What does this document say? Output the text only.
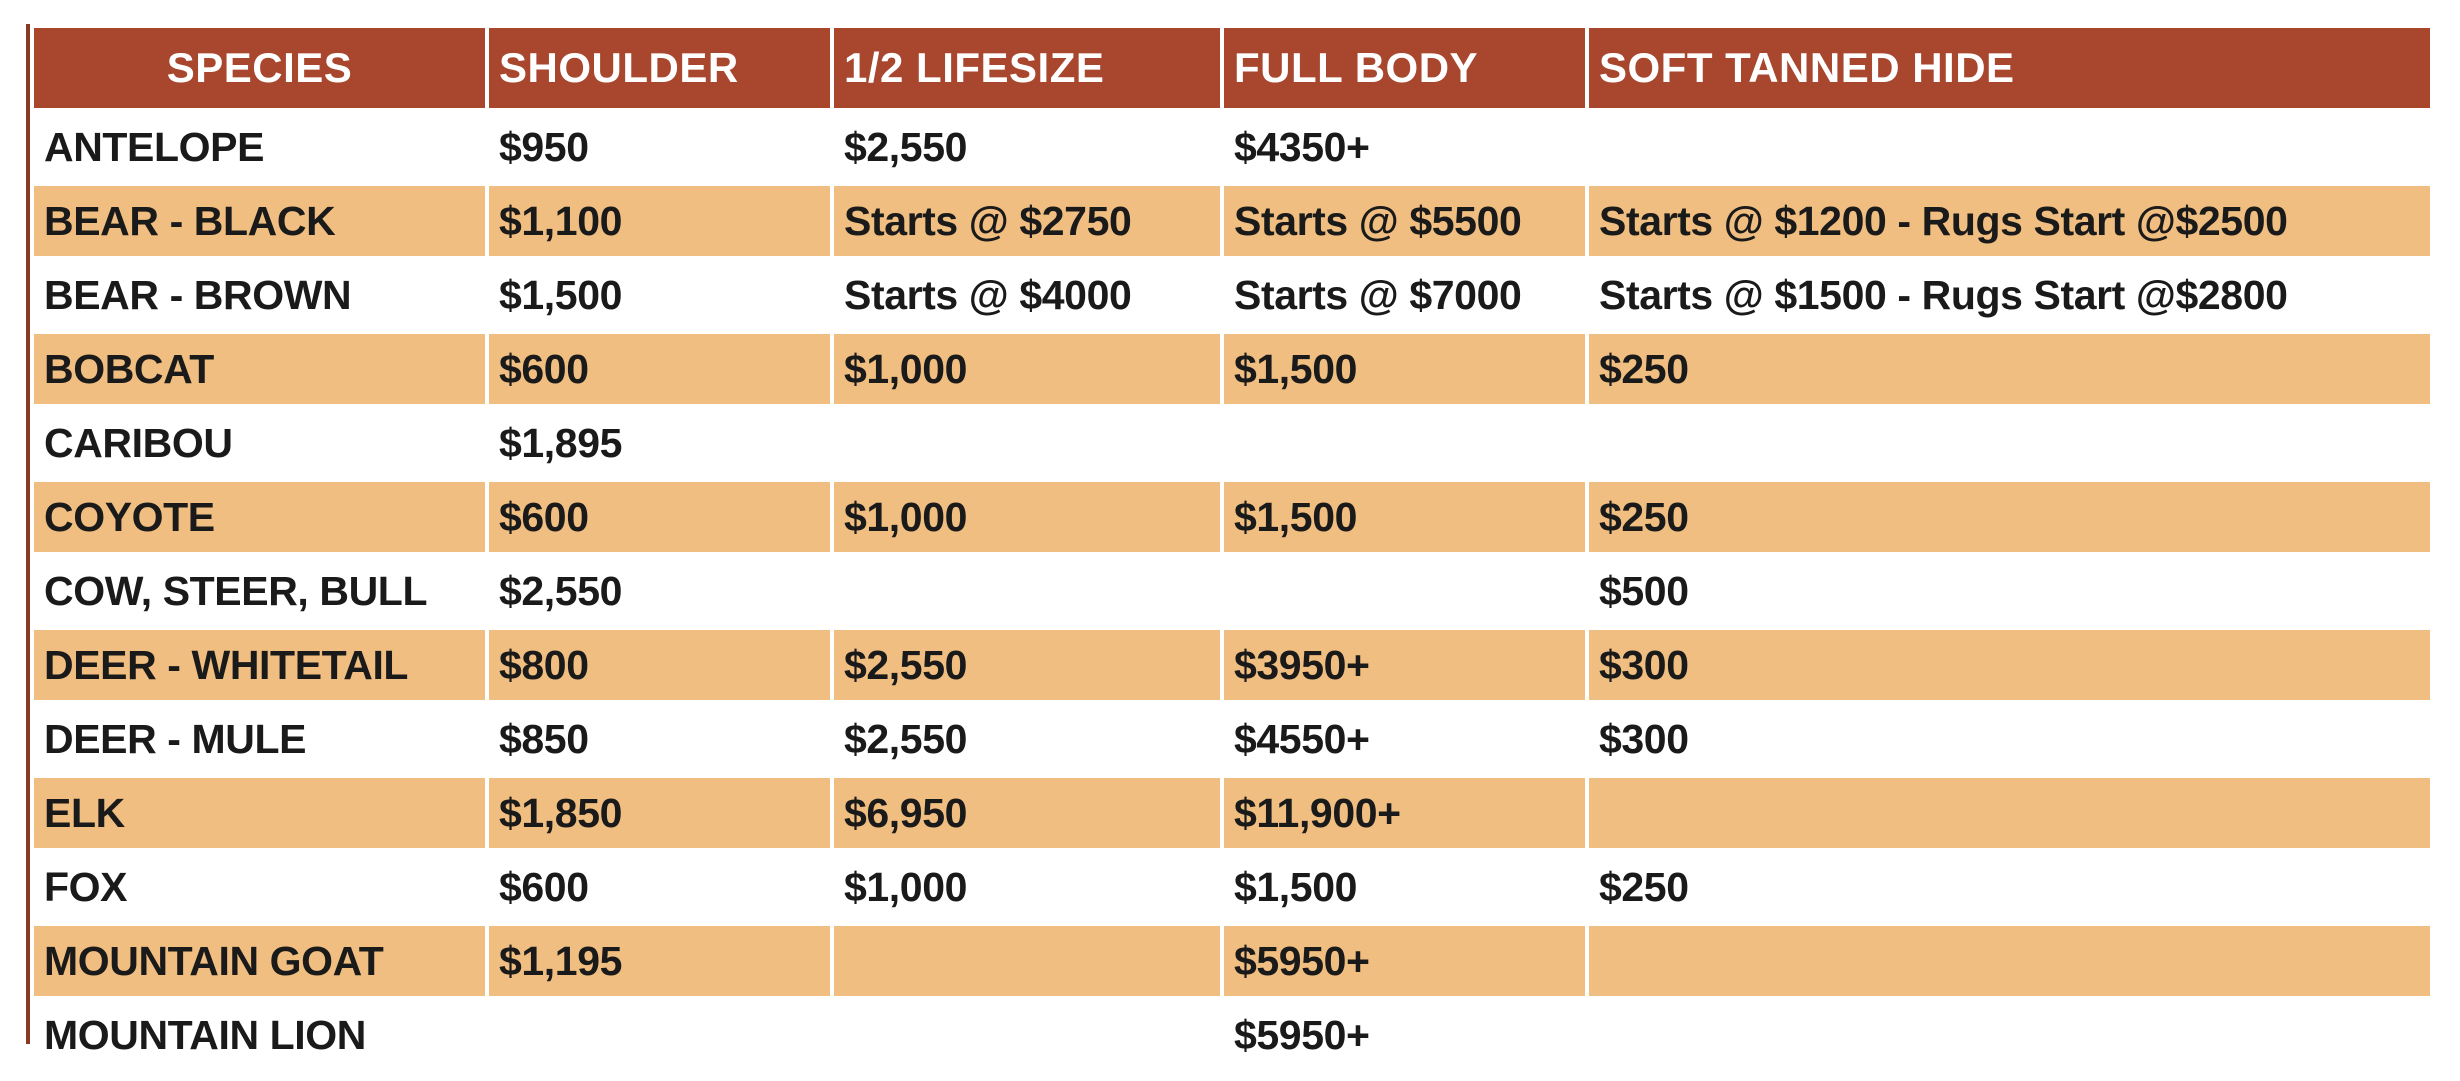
SPECIES	SHOULDER	1/2 LIFESIZE	FULL BODY	SOFT TANNED HIDE
ANTELOPE	$950	$2,550	$4350+	
BEAR - BLACK	$1,100	Starts @ $2750	Starts @ $5500	Starts @ $1200 - Rugs Start @$2500
BEAR - BROWN	$1,500	Starts @ $4000	Starts @ $7000	Starts @ $1500 - Rugs Start @$2800
BOBCAT	$600	$1,000	$1,500	$250
CARIBOU	$1,895			
COYOTE	$600	$1,000	$1,500	$250
COW, STEER, BULL	$2,550			$500
DEER - WHITETAIL	$800	$2,550	$3950+	$300
DEER - MULE	$850	$2,550	$4550+	$300
ELK	$1,850	$6,950	$11,900+	
FOX	$600	$1,000	$1,500	$250
MOUNTAIN GOAT	$1,195		$5950+	
MOUNTAIN LION			$5950+	
